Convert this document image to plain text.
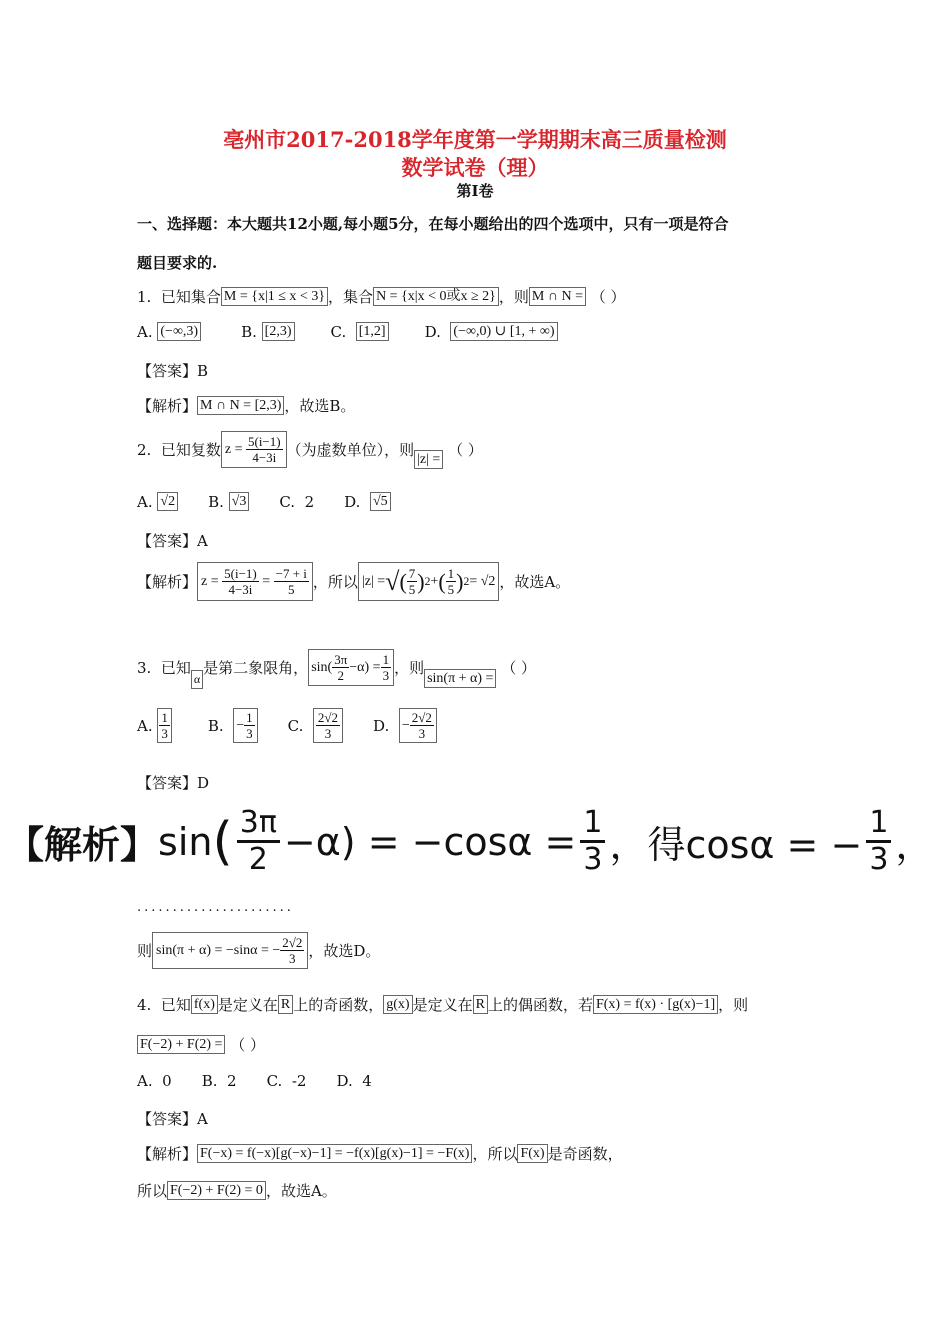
亳州市2017-2018学年度第一学期期末高三质量检测
数学试卷（理）
第Ⅰ卷
一、选择题：本大题共12小题,每小题5分，在每小题给出的四个选项中，只有一项是符合
题目要求的.
1.
已知集合 M = {x|1 ≤ x < 3} ，集合 N = {x|x < 0或x ≥ 2} ，则 M ∩ N =
（ ）
A.
(−∞,3)	B.
[2,3)	C.
[1,2]	D.
(−∞,0) ∪ [1, + ∞)
【答案】B
【解析】 M ∩ N = [2,3) ，故选B。
2.
已知复数 z =
$\frac{5(i-1)}{4-3i}$ （为虚数单位），则
|z| =

（ ）
A.
√2 B.
√3 C.
2 D.
√5
【答案】A
【解析】 z =
$\frac{5(i-1)}{4-3i}$
=
$\frac{-7 + i}{5}$ ，所以 |z| = √ ( $\frac{7}{5}$ ) 2 + ( $\frac{1}{5}$ ) 2 = √2 ，故选A。
3.
已知
α
是第二象限角， $\sin( \frac{3\pi}{2} -\alpha) = \frac{1}{3}$ ，则
sin(π + α) =

（ ）
A.
$\frac{1}{3}$	B.
− $\frac{1}{3} C$.
$\frac{2√2}{3} D$.
− $\frac{2√2}{3}$
【答案】D
【解析】 sin ( 3π
$2 -\alpha) = -\cos\alpha = \frac{1}{3}$ ，得cosα = − $\frac{1}{3}$ ，
......................
则 sin(π + α) = −sinα = − $\frac{2√2}{3}$ ，故选D。
4.
已知 f(x) 是定义在 R 上的奇函数， g(x) 是定义在 R 上的偶函数，若 F(x) = f(x) · [g(x)−1] ，则
F(−2) + F(2) =
（ ）
A.
0 B.
2 C.
-2 D.
4
【答案】A
【解析】 F(−x) = f(−x)[g(−x)−1] = −f(x)[g(x)−1] = −F(x) ，所以 F(x) 是奇函数，
所以 F(−2) + F(2) = 0 ，故选A。
